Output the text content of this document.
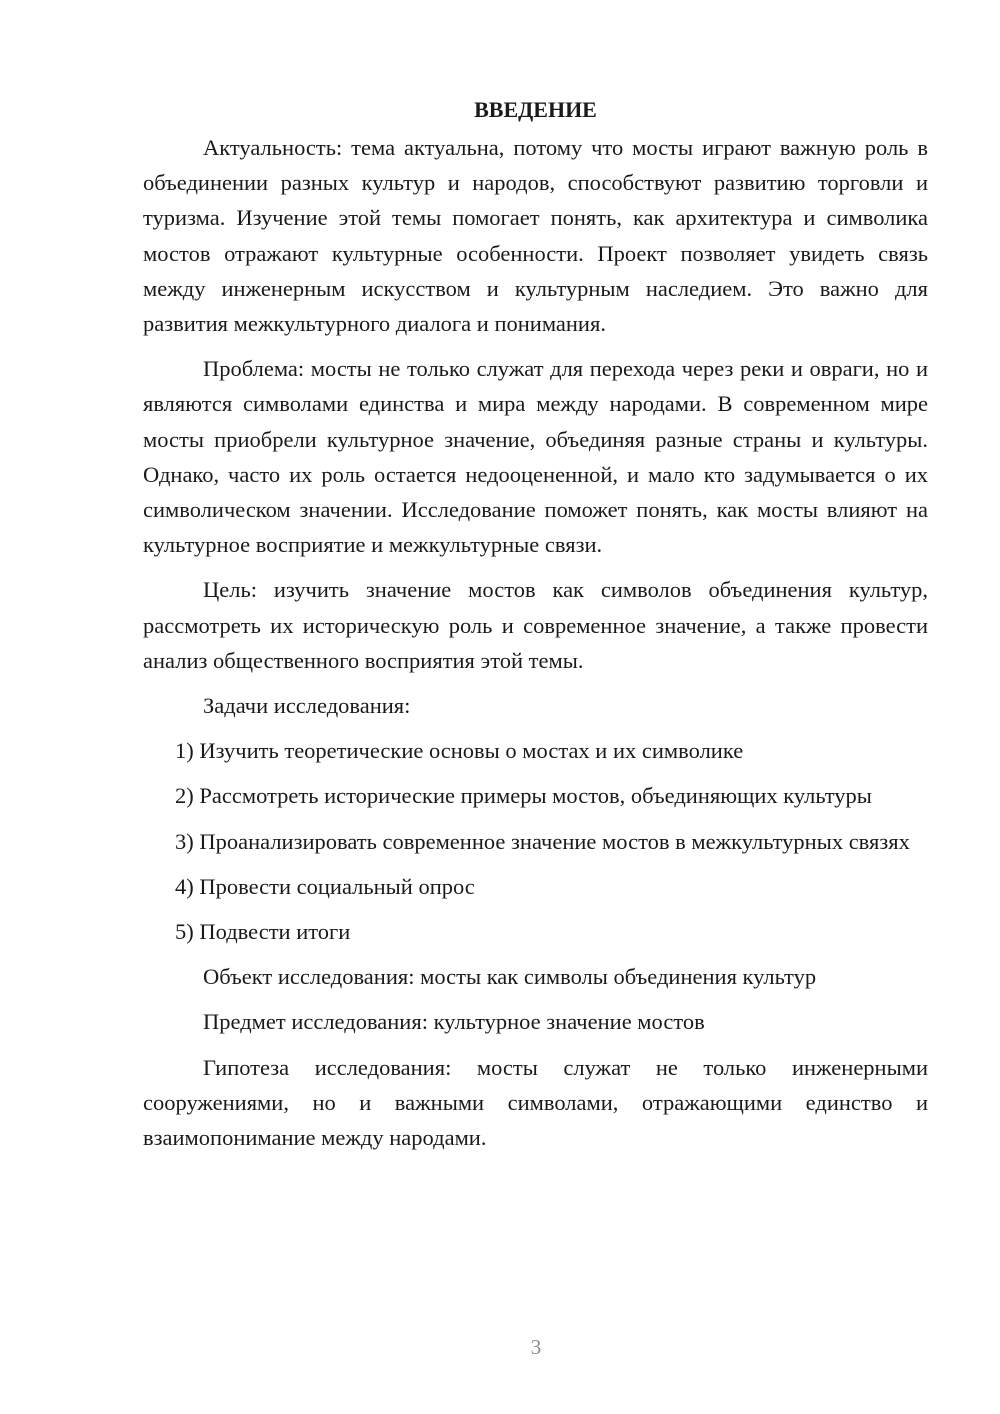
ВВЕДЕНИЕ

Актуальность: тема актуальна, потому что мосты играют важную роль в объединении разных культур и народов, способствуют развитию торговли и туризма. Изучение этой темы помогает понять, как архитектура и символика мостов отражают культурные особенности. Проект позволяет увидеть связь между инженерным искусством и культурным наследием. Это важно для развития межкультурного диалога и понимания.

Проблема: мосты не только служат для перехода через реки и овраги, но и являются символами единства и мира между народами. В современном мире мосты приобрели культурное значение, объединяя разные страны и культуры. Однако, часто их роль остается недооцененной, и мало кто задумывается о их символическом значении. Исследование поможет понять, как мосты влияют на культурное восприятие и межкультурные связи.

Цель: изучить значение мостов как символов объединения культур, рассмотреть их историческую роль и современное значение, а также провести анализ общественного восприятия этой темы.

Задачи исследования:

1) Изучить теоретические основы о мостах и их символике

2) Рассмотреть исторические примеры мостов, объединяющих культуры

3) Проанализировать современное значение мостов в межкультурных связях

4) Провести социальный опрос

5) Подвести итоги

Объект исследования: мосты как символы объединения культур

Предмет исследования: культурное значение мостов

Гипотеза исследования: мосты служат не только инженерными сооружениями, но и важными символами, отражающими единство и взаимопонимание между народами.

3
